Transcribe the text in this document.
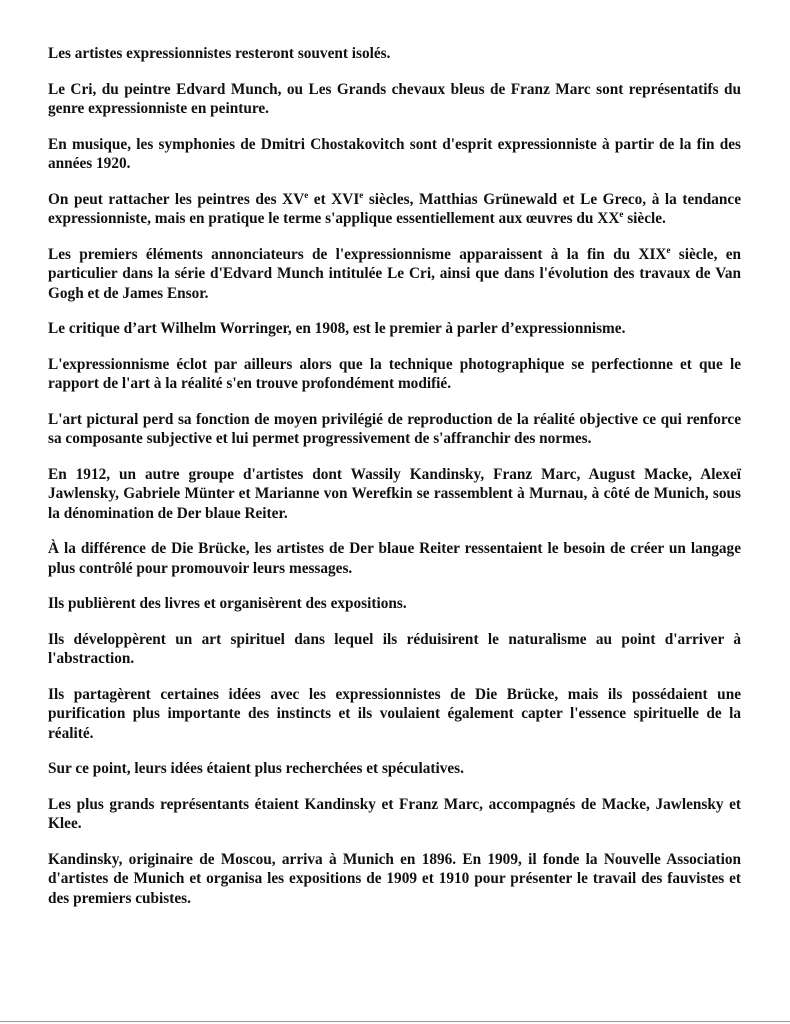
Les artistes expressionnistes resteront souvent isolés.

Le Cri, du peintre Edvard Munch, ou Les Grands chevaux bleus de Franz Marc sont représentatifs du genre expressionniste en peinture.

En musique, les symphonies de Dmitri Chostakovitch sont d'esprit expressionniste à partir de la fin des années 1920.

On peut rattacher les peintres des XVe et XVIe siècles, Matthias Grünewald et Le Greco, à la tendance expressionniste, mais en pratique le terme s'applique essentiellement aux œuvres du XXe siècle.

Les premiers éléments annonciateurs de l'expressionnisme apparaissent à la fin du XIXe siècle, en particulier dans la série d'Edvard Munch intitulée Le Cri, ainsi que dans l'évolution des travaux de Van Gogh et de James Ensor.

Le critique d’art Wilhelm Worringer, en 1908, est le premier à parler d’expressionnisme.

L'expressionnisme éclot par ailleurs alors que la technique photographique se perfectionne et que le rapport de l'art à la réalité s'en trouve profondément modifié.

L'art pictural perd sa fonction de moyen privilégié de reproduction de la réalité objective ce qui renforce sa composante subjective et lui permet progressivement de s'affranchir des normes.

En 1912, un autre groupe d'artistes dont Wassily Kandinsky, Franz Marc, August Macke, Alexeï Jawlensky, Gabriele Münter et Marianne von Werefkin se rassemblent à Murnau, à côté de Munich, sous la dénomination de Der blaue Reiter.

À la différence de Die Brücke, les artistes de Der blaue Reiter ressentaient le besoin de créer un langage plus contrôlé pour promouvoir leurs messages.

Ils publièrent des livres et organisèrent des expositions.

Ils développèrent un art spirituel dans lequel ils réduisirent le naturalisme au point d'arriver à l'abstraction.

Ils partagèrent certaines idées avec les expressionnistes de Die Brücke, mais ils possédaient une purification plus importante des instincts et ils voulaient également capter l'essence spirituelle de la réalité.

Sur ce point, leurs idées étaient plus recherchées et spéculatives.

Les plus grands représentants étaient Kandinsky et Franz Marc, accompagnés de Macke, Jawlensky et Klee.

Kandinsky, originaire de Moscou, arriva à Munich en 1896. En 1909, il fonde la Nouvelle Association d'artistes de Munich et organisa les expositions de 1909 et 1910 pour présenter le travail des fauvistes et des premiers cubistes.
